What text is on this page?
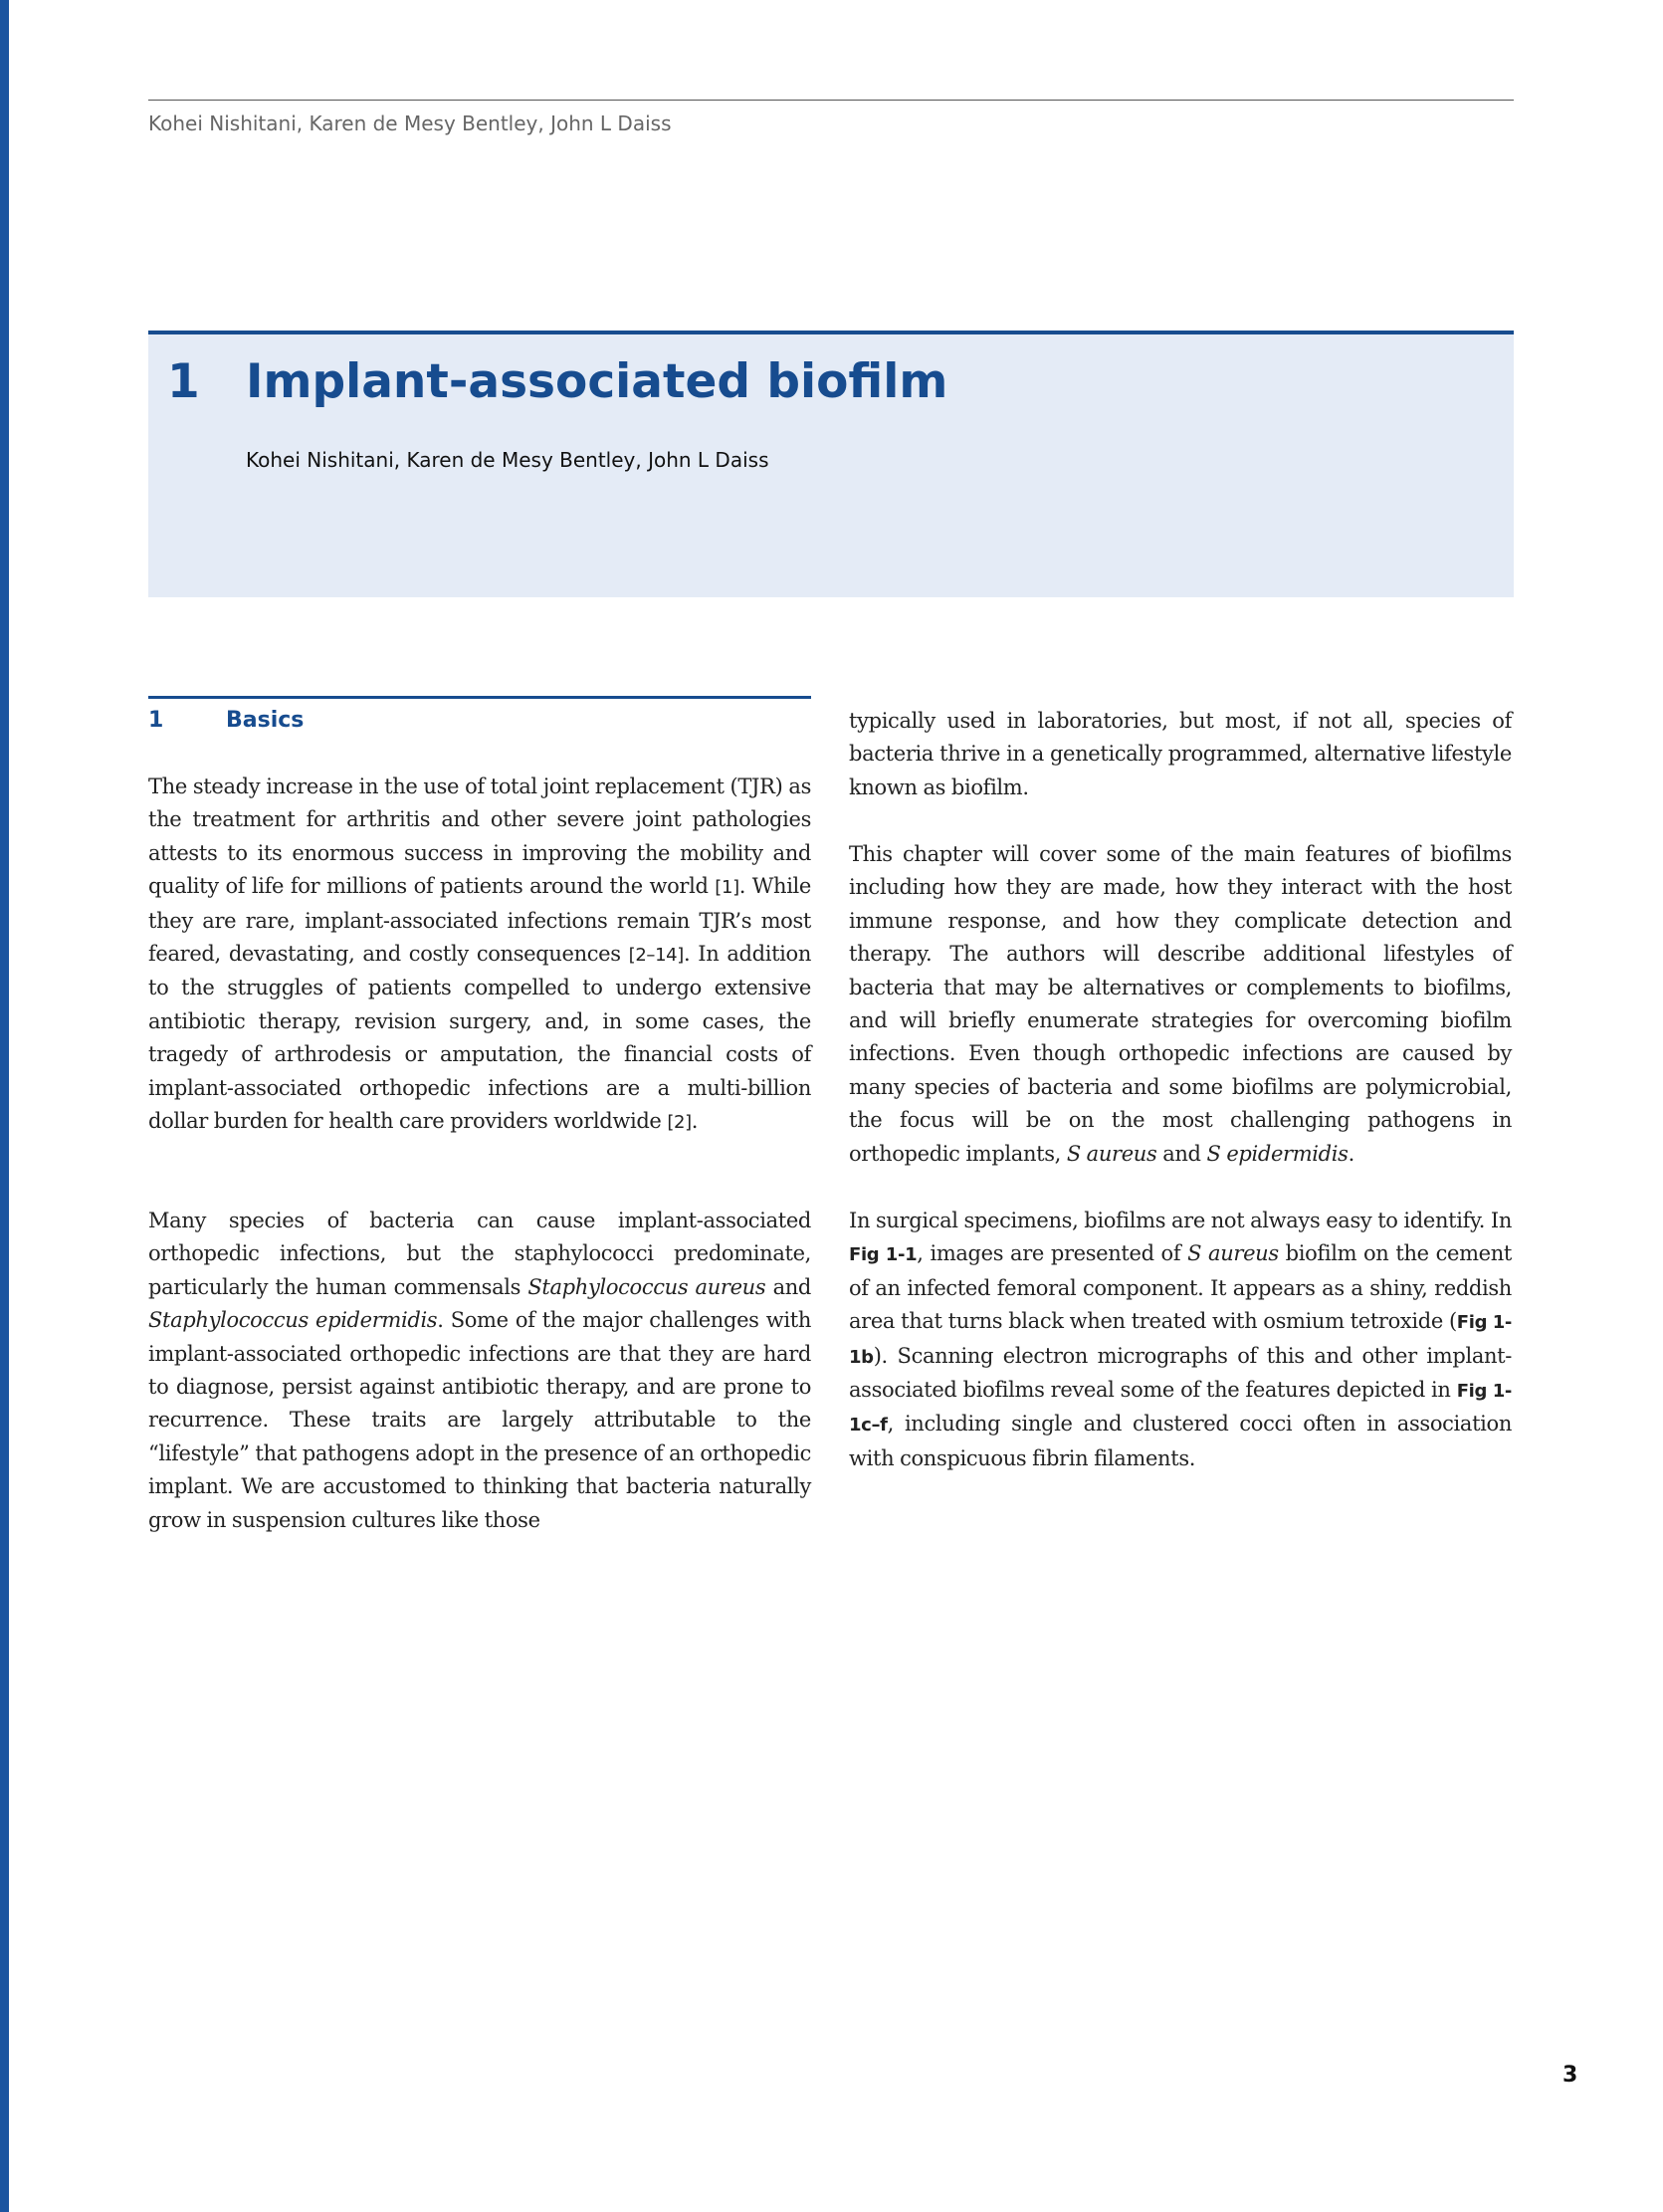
Kohei Nishitani, Karen de Mesy Bentley, John L Daiss
1 Implant-associated biofilm
Kohei Nishitani, Karen de Mesy Bentley, John L Daiss
1	Basics

The steady increase in the use of total joint replacement (TJR) as the treatment for arthritis and other severe joint pathologies attests to its enormous success in improving the mobility and quality of life for millions of patients around the world [1]. While they are rare, implant-associated infections remain TJR’s most feared, devastating, and costly consequences [2–14]. In addition to the struggles of patients compelled to undergo extensive antibiotic therapy, revision surgery, and, in some cases, the tragedy of arthrodesis or amputation, the financial costs of implant-associated orthopedic infections are a multi-billion dollar burden for health care providers worldwide [2].

Many species of bacteria can cause implant-associated orthopedic infections, but the staphylococci predominate, particularly the human commensals Staphylococcus aureus and Staphylococcus epidermidis. Some of the major challenges with implant-associated orthopedic infections are that they are hard to diagnose, persist against antibiotic therapy, and are prone to recurrence. These traits are largely attributable to the “lifestyle” that pathogens adopt in the presence of an orthopedic implant. We are accustomed to thinking that bacteria naturally grow in suspension cultures like those

typically used in laboratories, but most, if not all, species of bacteria thrive in a genetically programmed, alternative lifestyle known as biofilm.

This chapter will cover some of the main features of biofilms including how they are made, how they interact with the host immune response, and how they complicate detection and therapy. The authors will describe additional lifestyles of bacteria that may be alternatives or complements to biofilms, and will briefly enumerate strategies for overcoming biofilm infections. Even though orthopedic infections are caused by many species of bacteria and some biofilms are polymicrobial, the focus will be on the most challenging pathogens in orthopedic implants, S aureus and S epidermidis.

In surgical specimens, biofilms are not always easy to identify. In Fig 1-1, images are presented of S aureus biofilm on the cement of an infected femoral component. It appears as a shiny, reddish area that turns black when treated with osmium tetroxide (Fig 1-1b). Scanning electron micrographs of this and other implant-associated biofilms reveal some of the features depicted in Fig 1-1c–f, including single and clustered cocci often in association with conspicuous fibrin filaments.

3
